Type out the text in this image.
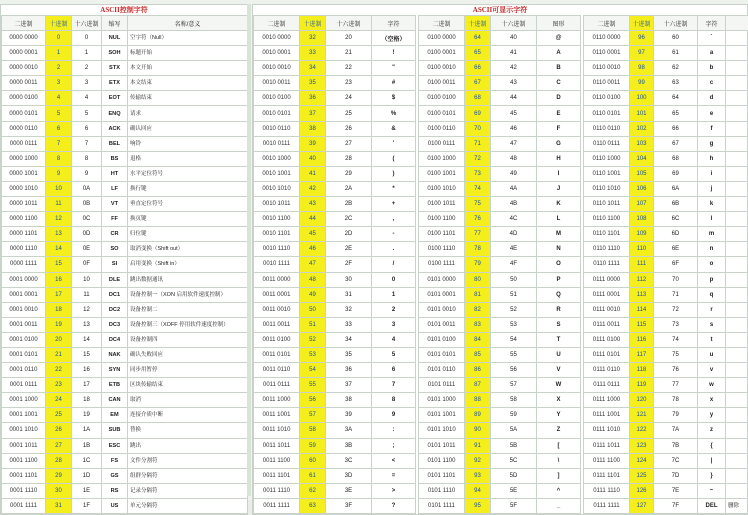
ASCII控制字符
二进制	十进制	十六进制	缩写	名称/意义
0000 0000	0	0	NUL	空字符（Null）
0000 0001	1	1	SOH	标题开始
0000 0010	2	2	STX	本文开始
0000 0011	3	3	ETX	本文结束
0000 0100	4	4	EOT	传输结束
0000 0101	5	5	ENQ	请求
0000 0110	6	6	ACK	确认回应
0000 0111	7	7	BEL	响铃
0000 1000	8	8	BS	退格
0000 1001	9	9	HT	水平定位符号
0000 1010	10	0A	LF	换行键
0000 1011	11	0B	VT	垂直定位符号
0000 1100	12	0C	FF	换页键
0000 1101	13	0D	CR	归位键
0000 1110	14	0E	SO	取消变换（Shift out）
0000 1111	15	0F	SI	启用变换（Shift in）
0001 0000	16	10	DLE	跳出数据通讯
0001 0001	17	11	DC1	设备控制一（XON 启用软件速度控制）
0001 0010	18	12	DC2	设备控制二
0001 0011	19	13	DC3	设备控制三（XOFF 停用软件速度控制）
0001 0100	20	14	DC4	设备控制四
0001 0101	21	15	NAK	确认失败回应
0001 0110	22	16	SYN	同步用暂停
0001 0111	23	17	ETB	区块传输结束
0001 1000	24	18	CAN	取消
0001 1001	25	19	EM	连接介质中断
0001 1010	26	1A	SUB	替换
0001 1011	27	1B	ESC	跳出
0001 1100	28	1C	FS	文件分割符
0001 1101	29	1D	GS	组群分隔符
0001 1110	30	1E	RS	记录分隔符
0001 1111	31	1F	US	单元分隔符
ASCII可显示字符
二进制	十进制	十六进制	字符
0010 0000	32	20	（空格）
0010 0001	33	21	!
0010 0010	34	22	"
0010 0011	35	23	#
0010 0100	36	24	$
0010 0101	37	25	%
0010 0110	38	26	&
0010 0111	39	27	'
0010 1000	40	28	(
0010 1001	41	29	)
0010 1010	42	2A	*
0010 1011	43	2B	+
0010 1100	44	2C	,
0010 1101	45	2D	-
0010 1110	46	2E	.
0010 1111	47	2F	/
0011 0000	48	30	0
0011 0001	49	31	1
0011 0010	50	32	2
0011 0011	51	33	3
0011 0100	52	34	4
0011 0101	53	35	5
0011 0110	54	36	6
0011 0111	55	37	7
0011 1000	56	38	8
0011 1001	57	39	9
0011 1010	58	3A	:
0011 1011	59	3B	;
0011 1100	60	3C	<
0011 1101	61	3D	=
0011 1110	62	3E	>
0011 1111	63	3F	?
二进制	十进制	十六进制	图形
0100 0000	64	40	@
0100 0001	65	41	A
0100 0010	66	42	B
0100 0011	67	43	C
0100 0100	68	44	D
0100 0101	69	45	E
0100 0110	70	46	F
0100 0111	71	47	G
0100 1000	72	48	H
0100 1001	73	49	I
0100 1010	74	4A	J
0100 1011	75	4B	K
0100 1100	76	4C	L
0100 1101	77	4D	M
0100 1110	78	4E	N
0100 1111	79	4F	O
0101 0000	80	50	P
0101 0001	81	51	Q
0101 0010	82	52	R
0101 0011	83	53	S
0101 0100	84	54	T
0101 0101	85	55	U
0101 0110	86	56	V
0101 0111	87	57	W
0101 1000	88	58	X
0101 1001	89	59	Y
0101 1010	90	5A	Z
0101 1011	91	5B	[
0101 1100	92	5C	\
0101 1101	93	5D	]
0101 1110	94	5E	^
0101 1111	95	5F	_
二进制	十进制	十六进制	字符	
0110 0000	96	60	`	
0110 0001	97	61	a	
0110 0010	98	62	b	
0110 0011	99	63	c	
0110 0100	100	64	d	
0110 0101	101	65	e	
0110 0110	102	66	f	
0110 0111	103	67	g	
0110 1000	104	68	h	
0110 1001	105	69	i	
0110 1010	106	6A	j	
0110 1011	107	6B	k	
0110 1100	108	6C	l	
0110 1101	109	6D	m	
0110 1110	110	6E	n	
0110 1111	111	6F	o	
0111 0000	112	70	p	
0111 0001	113	71	q	
0111 0010	114	72	r	
0111 0011	115	73	s	
0111 0100	116	74	t	
0111 0101	117	75	u	
0111 0110	118	76	v	
0111 0111	119	77	w	
0111 1000	120	78	x	
0111 1001	121	79	y	
0111 1010	122	7A	z	
0111 1011	123	7B	{	
0111 1100	124	7C	|	
0111 1101	125	7D	}	
0111 1110	126	7E	~	
0111 1111	127	7F	DEL	删除
